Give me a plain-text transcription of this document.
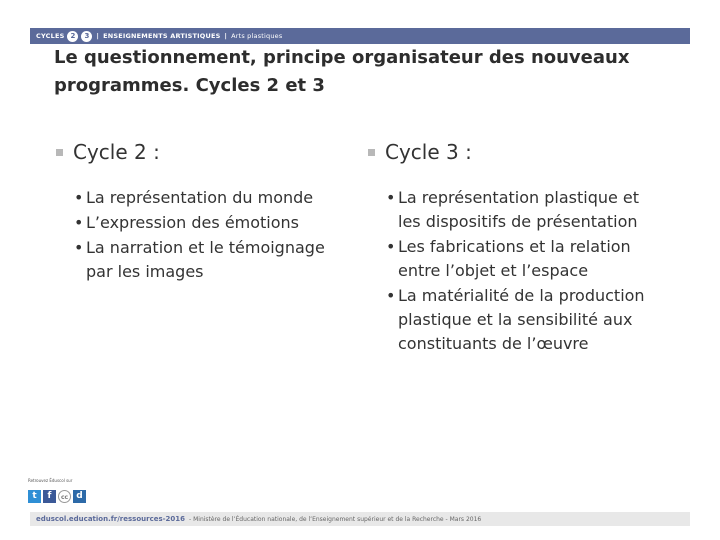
CYCLES 2	3	| ENSEIGNEMENTS ARTISTIQUES | Arts plastiques
Le questionnement, principe organisateur des nouveaux programmes. Cycles 2 et 3
Cycle 2 :
• La représentation du monde
• L’expression des émotions
• La narration et le témoignage par les images
Cycle 3 :
• La représentation plastique et les dispositifs de présentation
• Les fabrications et la relation entre l’objet et l’espace
• La matérialité de la production plastique et la sensibilité aux constituants de l’œuvre
Retrouvez Éduscol sur
t	f	cc d
eduscol.education.fr/ressources-2016 - Ministère de l’Éducation nationale, de l’Enseignement supérieur et de la Recherche - Mars 2016
